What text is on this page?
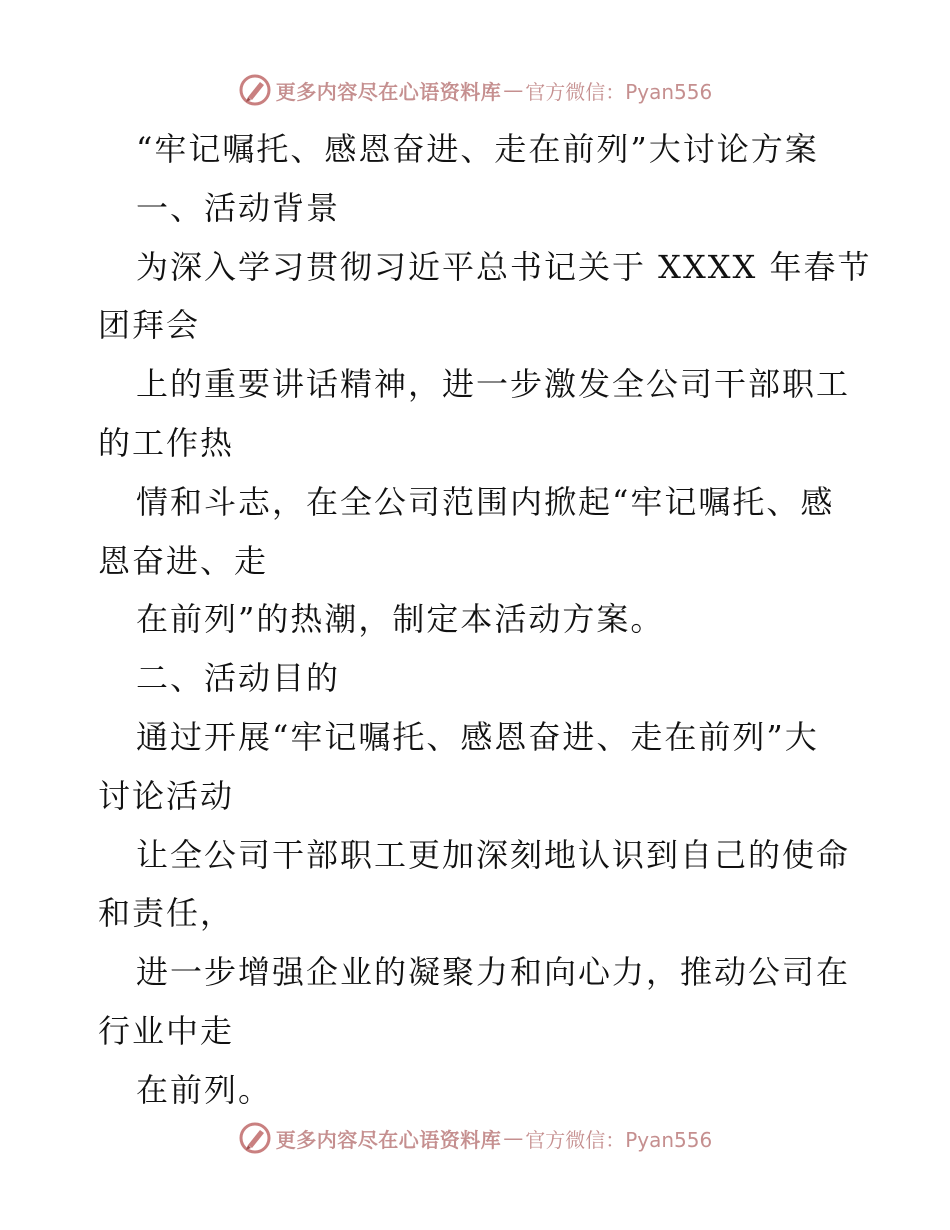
更多内容尽在心语资料库 — 官方微信：Pyan556
“牢记嘱托、感恩奋进、走在前列”大讨论方案
一、活动背景
为深入学习贯彻习近平总书记关于 XXXX 年春节
团拜会
上的重要讲话精神，进一步激发全公司干部职工
的工作热
情和斗志，在全公司范围内掀起“牢记嘱托、感
恩奋进、走
在前列”的热潮，制定本活动方案。
二、活动目的
通过开展“牢记嘱托、感恩奋进、走在前列”大
讨论活动
让全公司干部职工更加深刻地认识到自己的使命
和责任，
进一步增强企业的凝聚力和向心力，推动公司在
行业中走
在前列。
更多内容尽在心语资料库 — 官方微信：Pyan556
